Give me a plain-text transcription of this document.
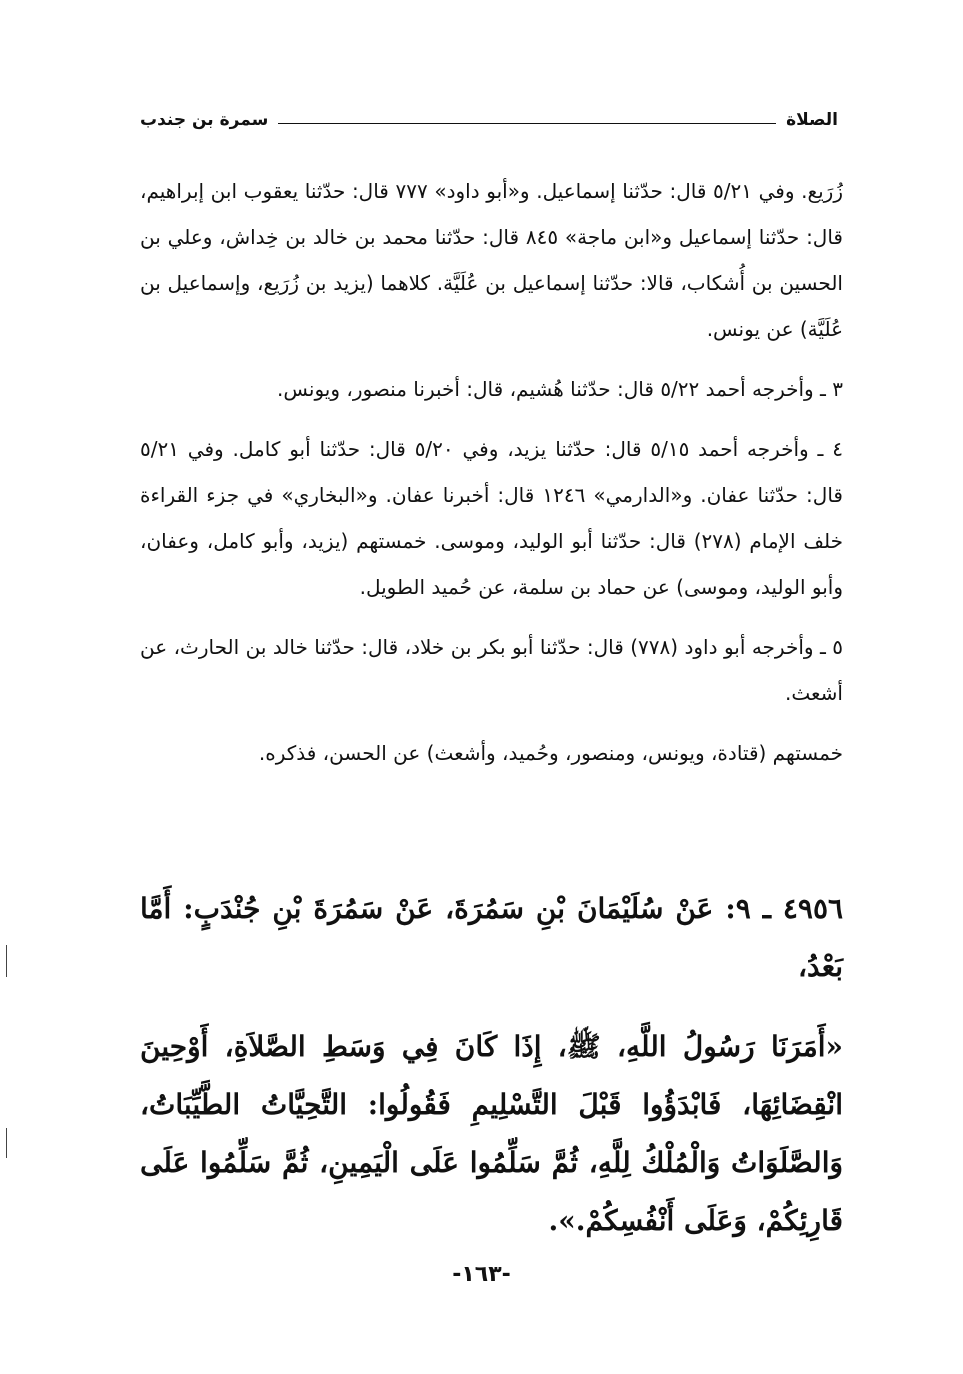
الصلاة
سمرة بن جندب

زُرَيع. وفي ٥/٢١ قال: حدّثنا إسماعيل. و«أبو داود» ٧٧٧ قال: حدّثنا يعقوب ابن إبراهيم، قال: حدّثنا إسماعيل و«ابن ماجة» ٨٤٥ قال: حدّثنا محمد بن خالد بن خِداش، وعلي بن الحسين بن أُشكاب، قالا: حدّثنا إسماعيل بن عُلَيَّة. كلاهما (يزيد بن زُرَيع، وإسماعيل بن عُلَيَّة) عن يونس.

٣ ـ وأخرجه أحمد ٥/٢٢ قال: حدّثنا هُشيم، قال: أخبرنا منصور، ويونس.

٤ ـ وأخرجه أحمد ٥/١٥ قال: حدّثنا يزيد، وفي ٥/٢٠ قال: حدّثنا أبو كامل. وفي ٥/٢١ قال: حدّثنا عفان. و«الدارمي» ١٢٤٦ قال: أخبرنا عفان. و«البخاري» في جزء القراءة خلف الإمام (٢٧٨) قال: حدّثنا أبو الوليد، وموسى. خمستهم (يزيد، وأبو كامل، وعفان، وأبو الوليد، وموسى) عن حماد بن سلمة، عن حُميد الطويل.

٥ ـ وأخرجه أبو داود (٧٧٨) قال: حدّثنا أبو بكر بن خلاد، قال: حدّثنا خالد بن الحارث، عن أشعث.

خمستهم (قتادة، ويونس، ومنصور، وحُميد، وأشعث) عن الحسن، فذكره.

٤٩٥٦ ـ ٩: عَنْ سُلَيْمَانَ بْنِ سَمُرَةَ، عَنْ سَمُرَةَ بْنِ جُنْدَبٍ: أَمَّا بَعْدُ،

«أَمَرَنَا رَسُولُ اللَّهِ، ﷺ، إِذَا كَانَ فِي وَسَطِ الصَّلاَةِ، أَوْحِينَ انْقِضَائِهَا، فَابْدَؤُوا قَبْلَ التَّسْلِيمِ فَقُولُوا: التَّحِيَّاتُ الطَّيِّبَاتُ، وَالصَّلَوَاتُ وَالْمُلْكُ لِلَّهِ، ثُمَّ سَلِّمُوا عَلَى الْيَمِينِ، ثُمَّ سَلِّمُوا عَلَى قَارِئِكُمْ، وَعَلَى أَنْفُسِكُمْ.».

-١٦٣-
